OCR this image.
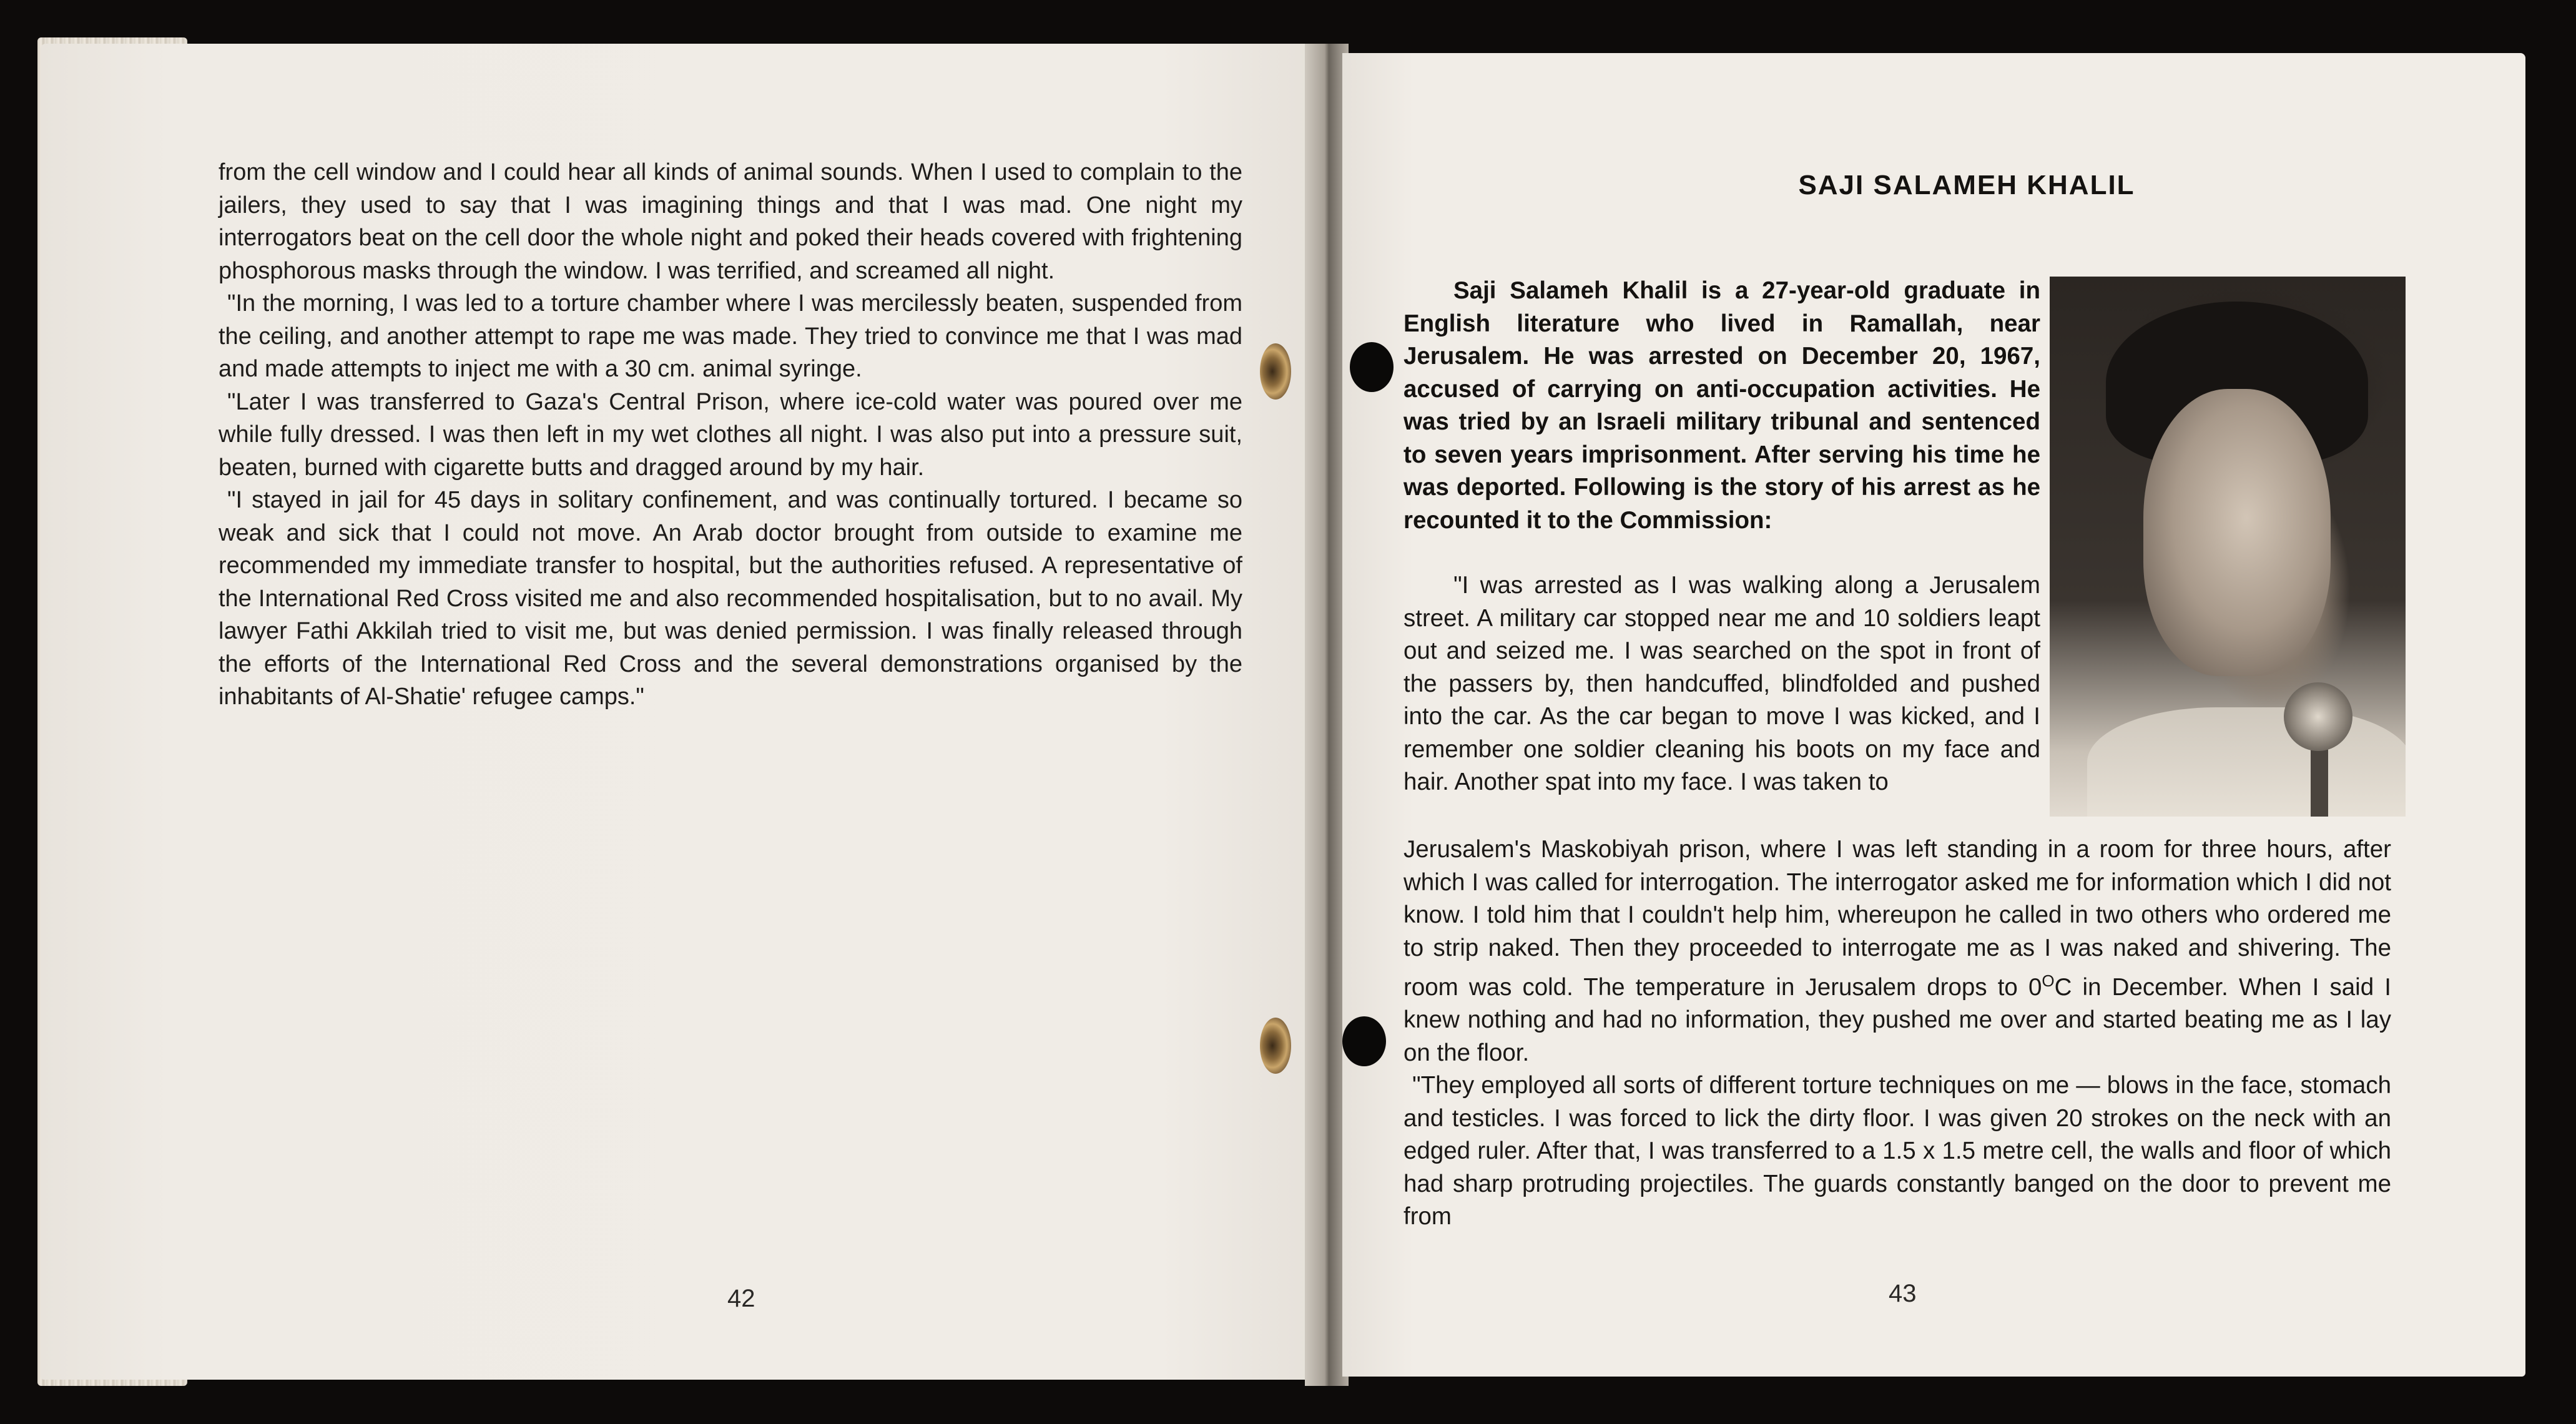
from the cell window and I could hear all kinds of animal sounds. When I used to complain to the jailers, they used to say that I was imagining things and that I was mad. One night my interrogators beat on the cell door the whole night and poked their heads covered with frightening phosphorous masks through the window. I was terrified, and screamed all night.

"In the morning, I was led to a torture chamber where I was mercilessly beaten, suspended from the ceiling, and another attempt to rape me was made. They tried to convince me that I was mad and made attempts to inject me with a 30 cm. animal syringe.

"Later I was transferred to Gaza's Central Prison, where ice-cold water was poured over me while fully dressed. I was then left in my wet clothes all night. I was also put into a pressure suit, beaten, burned with cigarette butts and dragged around by my hair.

"I stayed in jail for 45 days in solitary confinement, and was continually tortured. I became so weak and sick that I could not move. An Arab doctor brought from outside to examine me recommended my immediate transfer to hospital, but the authorities refused. A representative of the International Red Cross visited me and also recommended hospitalisation, but to no avail. My lawyer Fathi Akkilah tried to visit me, but was denied permission. I was finally released through the efforts of the International Red Cross and the several demonstrations organised by the inhabitants of Al-Shatie' refugee camps."

42
SAJI SALAMEH KHALIL

Saji Salameh Khalil is a 27-year-old graduate in English literature who lived in Ramallah, near Jerusalem. He was arrested on December 20, 1967, accused of carrying on anti-occupation activities. He was tried by an Israeli military tribunal and sentenced to seven years imprisonment. After serving his time he was deported. Following is the story of his arrest as he recounted it to the Commission:

"I was arrested as I was walking along a Jerusalem street. A military car stopped near me and 10 soldiers leapt out and seized me. I was searched on the spot in front of the passers by, then handcuffed, blindfolded and pushed into the car. As the car began to move I was kicked, and I remember one soldier cleaning his boots on my face and hair. Another spat into my face. I was taken to

Jerusalem's Maskobiyah prison, where I was left standing in a room for three hours, after which I was called for interrogation. The interrogator asked me for information which I did not know. I told him that I couldn't help him, whereupon he called in two others who ordered me to strip naked. Then they proceeded to interrogate me as I was naked and shivering. The room was cold. The temperature in Jerusalem drops to $0^OC$ in December. When I said I knew nothing and had no information, they pushed me over and started beating me as I lay on the floor.

"They employed all sorts of different torture techniques on me — blows in the face, stomach and testicles. I was forced to lick the dirty floor. I was given 20 strokes on the neck with an edged ruler. After that, I was transferred to a 1.5 x 1.5 metre cell, the walls and floor of which had sharp protruding projectiles. The guards constantly banged on the door to prevent me from

43
